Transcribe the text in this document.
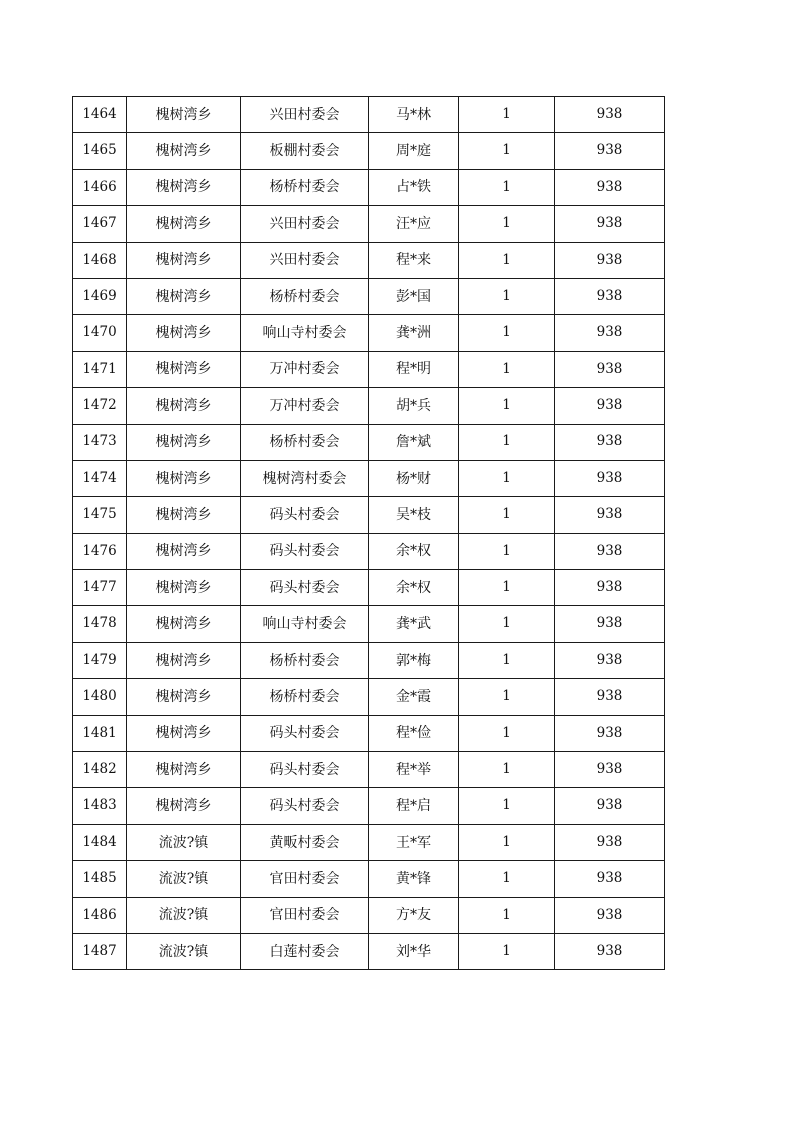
1464	槐树湾乡	兴田村委会	马*林	1	938
1465	槐树湾乡	板棚村委会	周*庭	1	938
1466	槐树湾乡	杨桥村委会	占*铁	1	938
1467	槐树湾乡	兴田村委会	汪*应	1	938
1468	槐树湾乡	兴田村委会	程*来	1	938
1469	槐树湾乡	杨桥村委会	彭*国	1	938
1470	槐树湾乡	响山寺村委会	龚*洲	1	938
1471	槐树湾乡	万冲村委会	程*明	1	938
1472	槐树湾乡	万冲村委会	胡*兵	1	938
1473	槐树湾乡	杨桥村委会	詹*斌	1	938
1474	槐树湾乡	槐树湾村委会	杨*财	1	938
1475	槐树湾乡	码头村委会	吴*枝	1	938
1476	槐树湾乡	码头村委会	余*权	1	938
1477	槐树湾乡	码头村委会	余*权	1	938
1478	槐树湾乡	响山寺村委会	龚*武	1	938
1479	槐树湾乡	杨桥村委会	郭*梅	1	938
1480	槐树湾乡	杨桥村委会	金*霞	1	938
1481	槐树湾乡	码头村委会	程*俭	1	938
1482	槐树湾乡	码头村委会	程*举	1	938
1483	槐树湾乡	码头村委会	程*启	1	938
1484	流波?镇	黄畈村委会	王*军	1	938
1485	流波?镇	官田村委会	黄*锋	1	938
1486	流波?镇	官田村委会	方*友	1	938
1487	流波?镇	白莲村委会	刘*华	1	938
